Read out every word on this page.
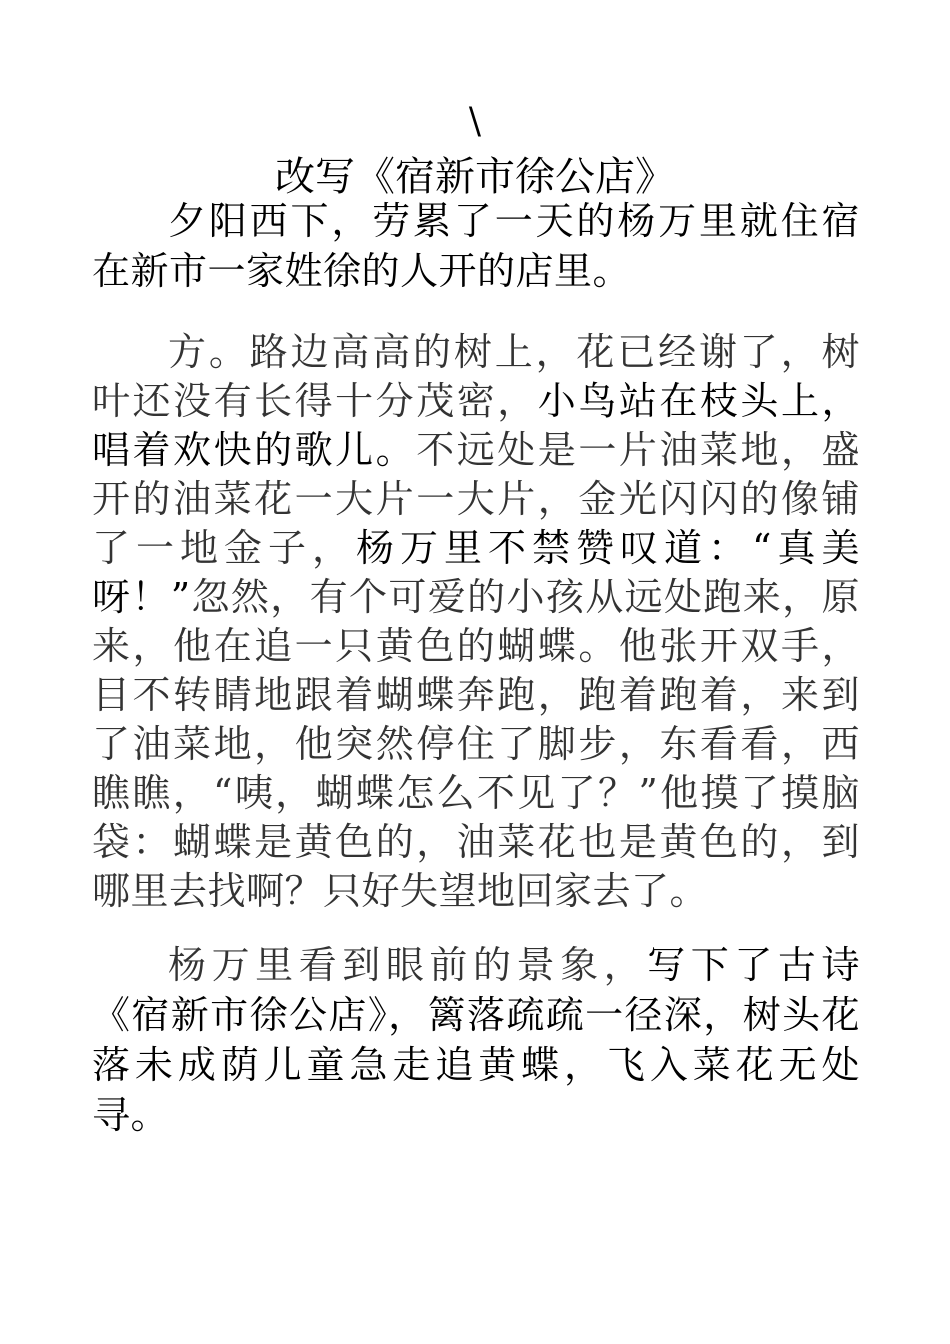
\
改写《宿新市徐公店》

夕阳西下，劳累了一天的杨万里就住宿在新市一家姓徐的人开的店里。

方。路边高高的树上，花已经谢了，树叶还没有长得十分茂密，小鸟站在枝头上，唱着欢快的歌儿。不远处是一片油菜地，盛开的油菜花一大片一大片，金光闪闪的像铺了一地金子，杨万里不禁赞叹道：“真美呀！”忽然，有个可爱的小孩从远处跑来，原来，他在追一只黄色的蝴蝶。他张开双手，目不转睛地跟着蝴蝶奔跑，跑着跑着，来到了油菜地，他突然停住了脚步，东看看，西瞧瞧，“咦，蝴蝶怎么不见了？”他摸了摸脑袋：蝴蝶是黄色的，油菜花也是黄色的，到哪里去找啊？只好失望地回家去了。

杨万里看到眼前的景象，写下了古诗《宿新市徐公店》，篱落疏疏一径深，树头花落未成荫儿童急走追黄蝶，飞入菜花无处寻。
